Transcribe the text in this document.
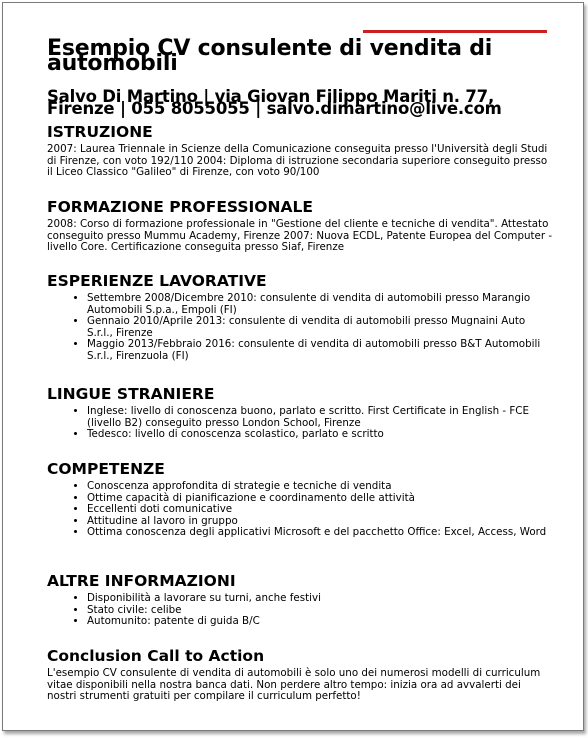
Esempio CV consulente di vendita di automobili
Salvo Di Martino | via Giovan Filippo Mariti n. 77, Firenze | 055 8055055 | salvo.dimartino@live.com
ISTRUZIONE

2007: Laurea Triennale in Scienze della Comunicazione conseguita presso l'Università degli Studi di Firenze, con voto 192/110 2004: Diploma di istruzione secondaria superiore conseguito presso il Liceo Classico "Galileo" di Firenze, con voto 90/100

FORMAZIONE PROFESSIONALE

2008: Corso di formazione professionale in "Gestione del cliente e tecniche di vendita". Attestato conseguito presso Mummu Academy, Firenze 2007: Nuova ECDL, Patente Europea del Computer - livello Core. Certificazione conseguita presso Siaf, Firenze

ESPERIENZE LAVORATIVE
• Settembre 2008/Dicembre 2010: consulente di vendita di automobili presso Marangio Automobili S.p.a., Empoli (FI)
• Gennaio 2010/Aprile 2013: consulente di vendita di automobili presso Mugnaini Auto S.r.l., Firenze
• Maggio 2013/Febbraio 2016: consulente di vendita di automobili presso B&T Automobili S.r.l., Firenzuola (FI)
LINGUE STRANIERE
• Inglese: livello di conoscenza buono, parlato e scritto. First Certificate in English - FCE (livello B2) conseguito presso London School, Firenze
• Tedesco: livello di conoscenza scolastico, parlato e scritto
COMPETENZE
• Conoscenza approfondita di strategie e tecniche di vendita
• Ottime capacità di pianificazione e coordinamento delle attività
• Eccellenti doti comunicative
• Attitudine al lavoro in gruppo
• Ottima conoscenza degli applicativi Microsoft e del pacchetto Office: Excel, Access, Word
ALTRE INFORMAZIONI
• Disponibilità a lavorare su turni, anche festivi
• Stato civile: celibe
• Automunito: patente di guida B/C
Conclusion Call to Action

L'esempio CV consulente di vendita di automobili è solo uno dei numerosi modelli di curriculum vitae disponibili nella nostra banca dati. Non perdere altro tempo: inizia ora ad avvalerti dei nostri strumenti gratuiti per compilare il curriculum perfetto!
